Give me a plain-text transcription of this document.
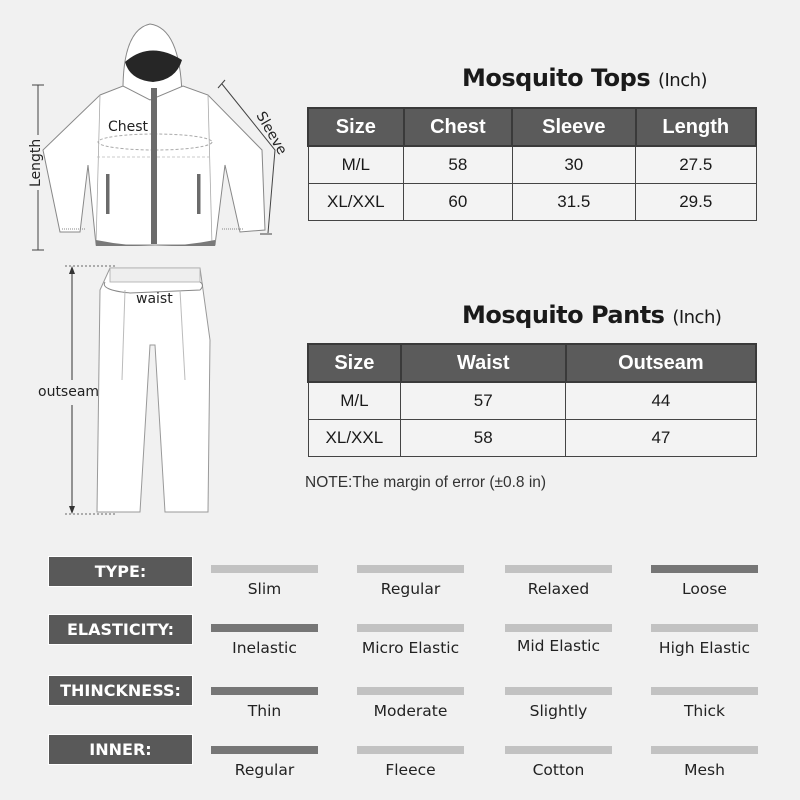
Chest
Length
Sleeve
waist
outseam
Mosquito Tops (Inch)
Size	Chest	Sleeve	Length
M/L	58	30	27.5
XL/XXL	60	31.5	29.5
Mosquito Pants (Inch)
Size	Waist	Outseam
M/L	57	44
XL/XXL	58	47
NOTE:The margin of error (±0.8 in)
TYPE:
Slim	Regular	Relaxed	Loose
ELASTICITY:
Inelastic	Micro Elastic	Mid Elastic	High Elastic
THINCKNESS:
Thin	Moderate	Slightly	Thick
INNER:
Regular	Fleece	Cotton	Mesh
